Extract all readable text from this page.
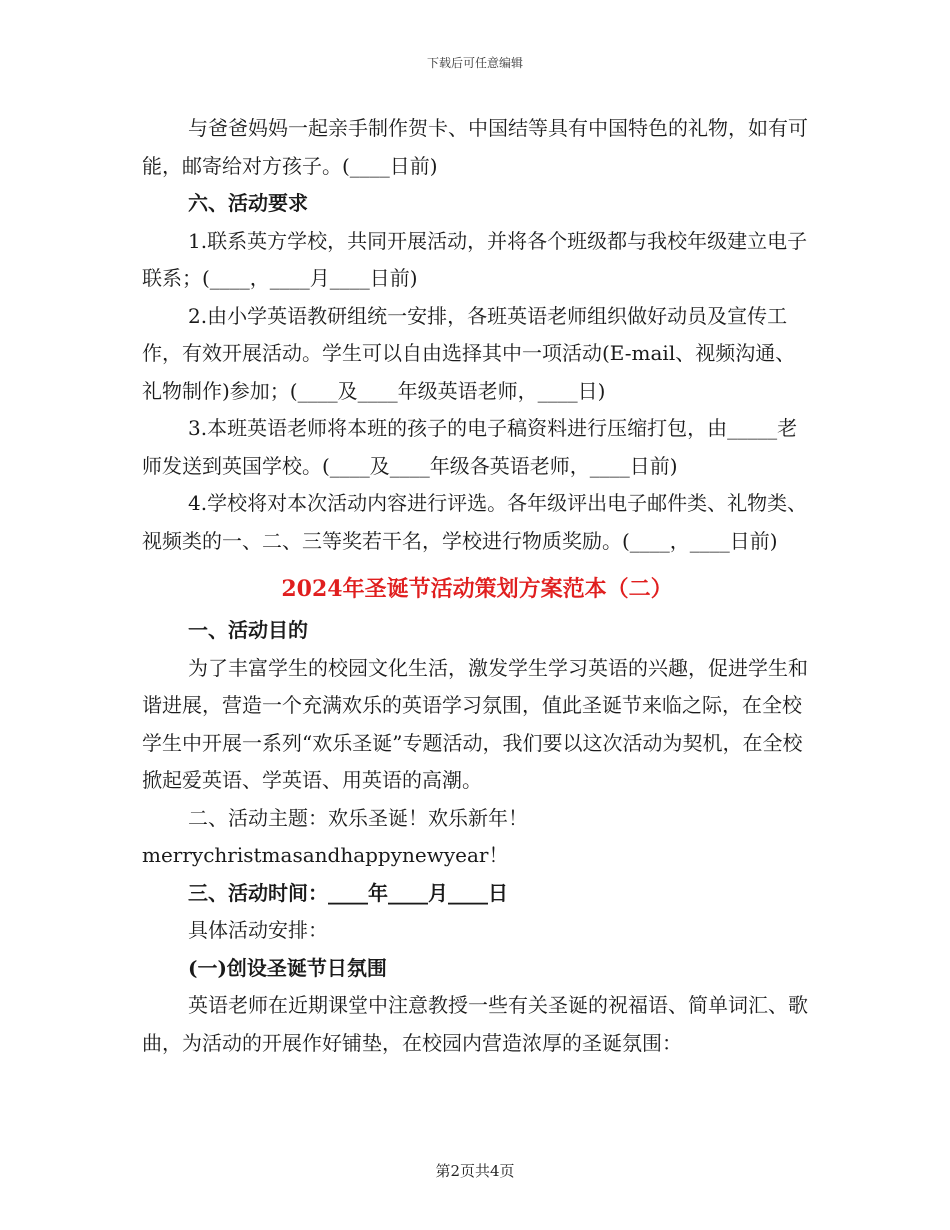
下载后可任意编辑

与爸爸妈妈一起亲手制作贺卡、中国结等具有中国特色的礼物，如有可能，邮寄给对方孩子。(____日前)

六、活动要求

1.联系英方学校，共同开展活动，并将各个班级都与我校年级建立电子联系；(____，____月____日前)

2.由小学英语教研组统一安排，各班英语老师组织做好动员及宣传工作，有效开展活动。学生可以自由选择其中一项活动(E-mail、视频沟通、礼物制作)参加；(____及____年级英语老师，____日)

3.本班英语老师将本班的孩子的电子稿资料进行压缩打包，由_____老师发送到英国学校。(____及____年级各英语老师，____日前)

4.学校将对本次活动内容进行评选。各年级评出电子邮件类、礼物类、视频类的一、二、三等奖若干名，学校进行物质奖励。(____，____日前)

2024年圣诞节活动策划方案范本（二）

一、活动目的

为了丰富学生的校园文化生活，激发学生学习英语的兴趣，促进学生和谐进展，营造一个充满欢乐的英语学习氛围，值此圣诞节来临之际，在全校学生中开展一系列“欢乐圣诞”专题活动，我们要以这次活动为契机，在全校掀起爱英语、学英语、用英语的高潮。

二、活动主题：欢乐圣诞！欢乐新年！

merrychristmasandhappynewyear！

三、活动时间：____年____月____日

具体活动安排：

(一)创设圣诞节日氛围

英语老师在近期课堂中注意教授一些有关圣诞的祝福语、简单词汇、歌曲，为活动的开展作好铺垫，在校园内营造浓厚的圣诞氛围：

第2页共4页
